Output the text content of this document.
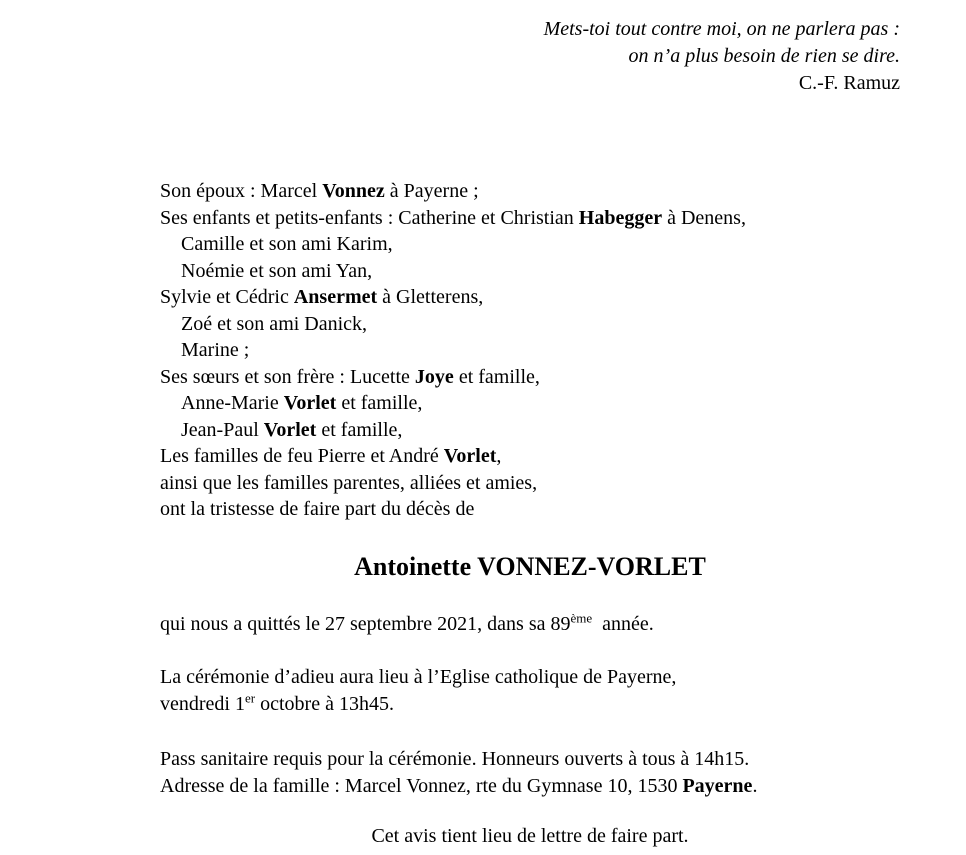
Mets-toi tout contre moi, on ne parlera pas :
on n’a plus besoin de rien se dire.
C.-F. Ramuz
Son époux : Marcel Vonnez à Payerne ;
Ses enfants et petits-enfants : Catherine et Christian Habegger à Denens,
Camille et son ami Karim,
Noémie et son ami Yan,
Sylvie et Cédric Ansermet à Gletterens,
Zoé et son ami Danick,
Marine ;
Ses sœurs et son frère : Lucette Joye et famille,
Anne-Marie Vorlet et famille,
Jean-Paul Vorlet et famille,
Les familles de feu Pierre et André Vorlet,
ainsi que les familles parentes, alliées et amies,
ont la tristesse de faire part du décès de
Antoinette VONNEZ-VORLET
qui nous a quittés le 27 septembre 2021, dans sa 89ème  année.
La cérémonie d’adieu aura lieu à l’Eglise catholique de Payerne,
vendredi 1er octobre à 13h45.
Pass sanitaire requis pour la cérémonie. Honneurs ouverts à tous à 14h15.
Adresse de la famille : Marcel Vonnez, rte du Gymnase 10, 1530 Payerne.
Cet avis tient lieu de lettre de faire part.
